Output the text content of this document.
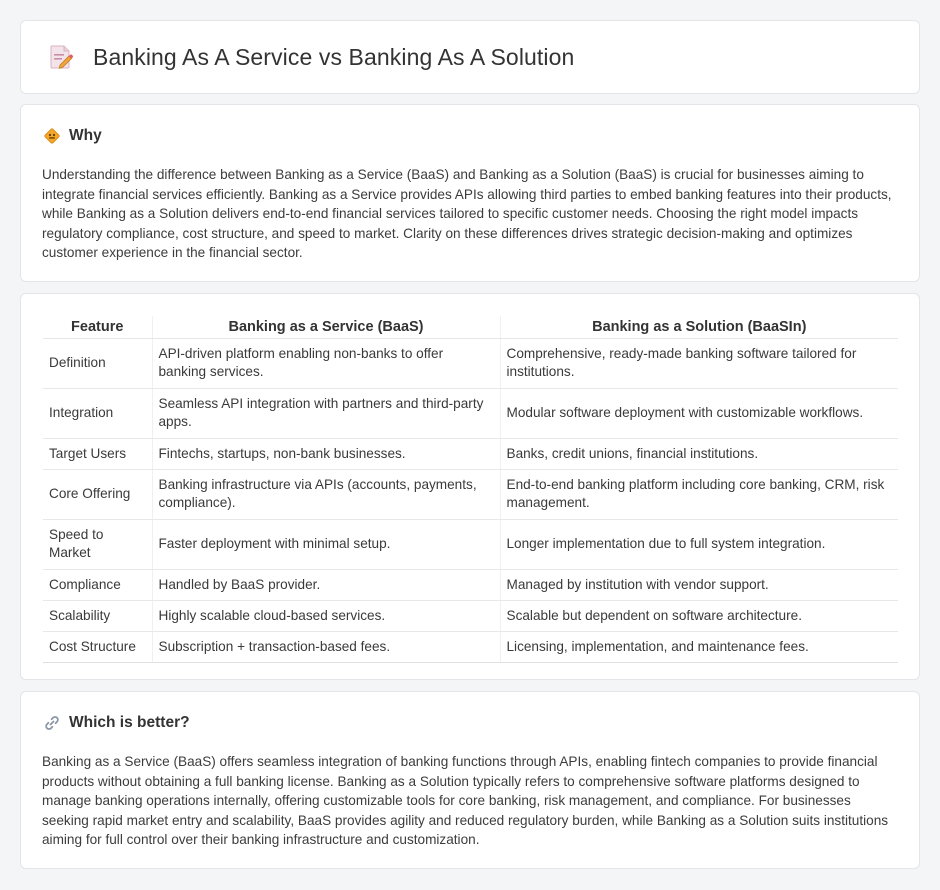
Banking As A Service vs Banking As A Solution
Why

Understanding the difference between Banking as a Service (BaaS) and Banking as a Solution (BaaS) is crucial for businesses aiming to integrate financial services efficiently. Banking as a Service provides APIs allowing third parties to embed banking features into their products, while Banking as a Solution delivers end-to-end financial services tailored to specific customer needs. Choosing the right model impacts regulatory compliance, cost structure, and speed to market. Clarity on these differences drives strategic decision-making and optimizes customer experience in the financial sector.

Feature	Banking as a Service (BaaS)	Banking as a Solution (BaaSIn)
Definition	API-driven platform enabling non-banks to offer banking services.	Comprehensive, ready-made banking software tailored for institutions.
Integration	Seamless API integration with partners and third-party apps.	Modular software deployment with customizable workflows.
Target Users	Fintechs, startups, non-bank businesses.	Banks, credit unions, financial institutions.
Core Offering	Banking infrastructure via APIs (accounts, payments, compliance).	End-to-end banking platform including core banking, CRM, risk management.
Speed to Market	Faster deployment with minimal setup.	Longer implementation due to full system integration.
Compliance	Handled by BaaS provider.	Managed by institution with vendor support.
Scalability	Highly scalable cloud-based services.	Scalable but dependent on software architecture.
Cost Structure	Subscription + transaction-based fees.	Licensing, implementation, and maintenance fees.
Which is better?

Banking as a Service (BaaS) offers seamless integration of banking functions through APIs, enabling fintech companies to provide financial products without obtaining a full banking license. Banking as a Solution typically refers to comprehensive software platforms designed to manage banking operations internally, offering customizable tools for core banking, risk management, and compliance. For businesses seeking rapid market entry and scalability, BaaS provides agility and reduced regulatory burden, while Banking as a Solution suits institutions aiming for full control over their banking infrastructure and customization.
